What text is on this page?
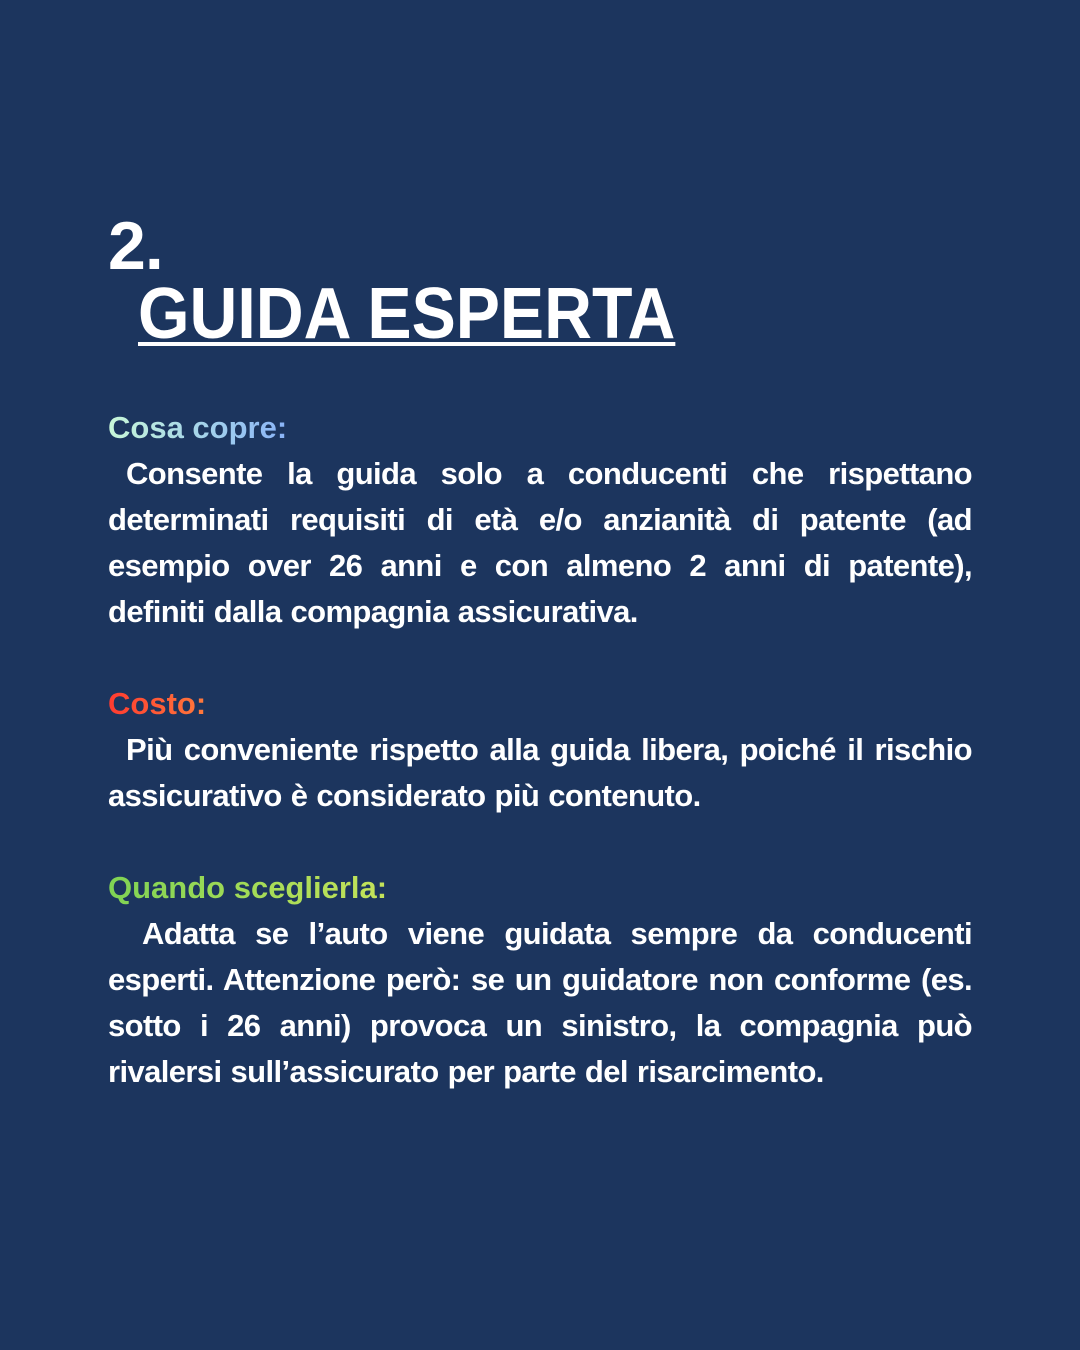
2.
GUIDA ESPERTA
Cosa copre:
Consente la guida solo a conducenti che rispettano determinati requisiti di età e/o anzianità di patente (ad esempio over 26 anni e con almeno 2 anni di patente), definiti dalla compagnia assicurativa.
Costo:
Più conveniente rispetto alla guida libera, poiché il rischio assicurativo è considerato più contenuto.
Quando sceglierla:
Adatta se l’auto viene guidata sempre da conducenti esperti. Attenzione però: se un guidatore non conforme (es. sotto i 26 anni) provoca un sinistro, la compagnia può rivalersi sull’assicurato per parte del risarcimento.
